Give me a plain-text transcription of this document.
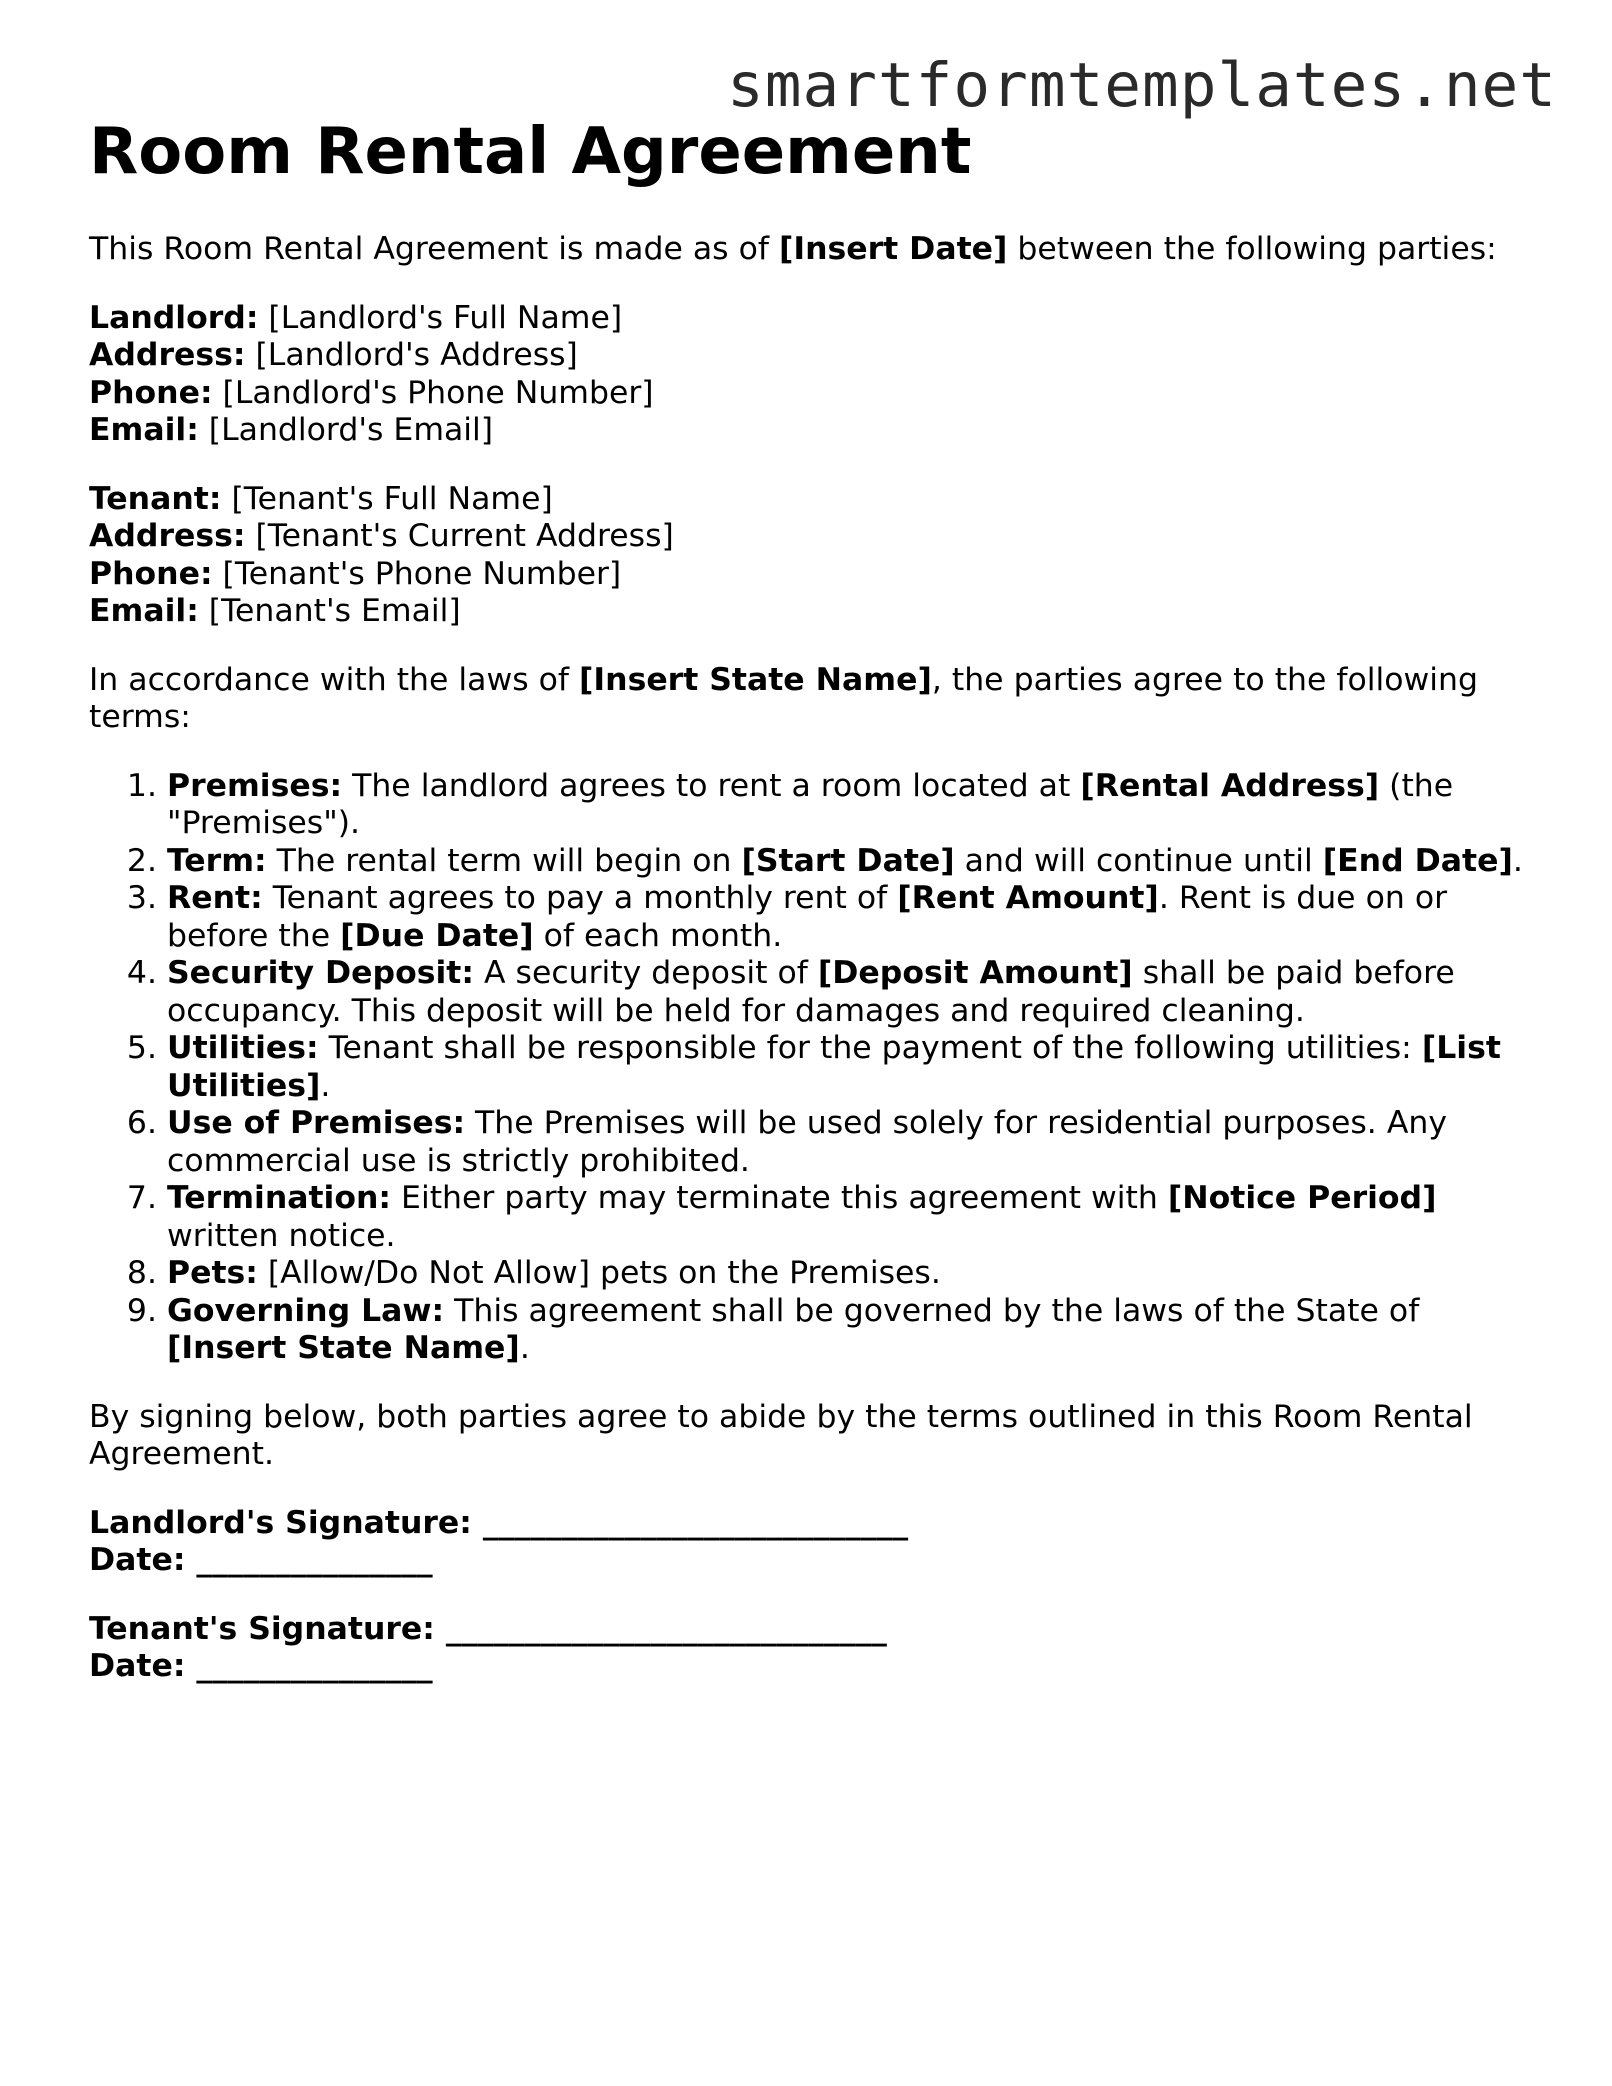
smartformtemplates.net
Room Rental Agreement

This Room Rental Agreement is made as of [Insert Date] between the following parties:

Landlord: [Landlord's Full Name]

Address: [Landlord's Address]

Phone: [Landlord's Phone Number]

Email: [Landlord's Email]

Tenant: [Tenant's Full Name]

Address: [Tenant's Current Address]

Phone: [Tenant's Phone Number]

Email: [Tenant's Email]

In accordance with the laws of [Insert State Name], the parties agree to the following terms:

1. Premises: The landlord agrees to rent a room located at [Rental Address] (the "Premises").
2. Term: The rental term will begin on [Start Date] and will continue until [End Date].
3. Rent: Tenant agrees to pay a monthly rent of [Rent Amount]. Rent is due on or before the [Due Date] of each month.
4. Security Deposit: A security deposit of [Deposit Amount] shall be paid before occupancy. This deposit will be held for damages and required cleaning.
5. Utilities: Tenant shall be responsible for the payment of the following utilities: [List Utilities].
6. Use of Premises: The Premises will be used solely for residential purposes. Any commercial use is strictly prohibited.
7. Termination: Either party may terminate this agreement with [Notice Period] written notice.
8. Pets: [Allow/Do Not Allow] pets on the Premises.
9. Governing Law: This agreement shall be governed by the laws of the State of [Insert State Name].

By signing below, both parties agree to abide by the terms outlined in this Room Rental Agreement.

Landlord's Signature: ___________________________

Date: _______________

Tenant's Signature: ____________________________

Date: _______________
